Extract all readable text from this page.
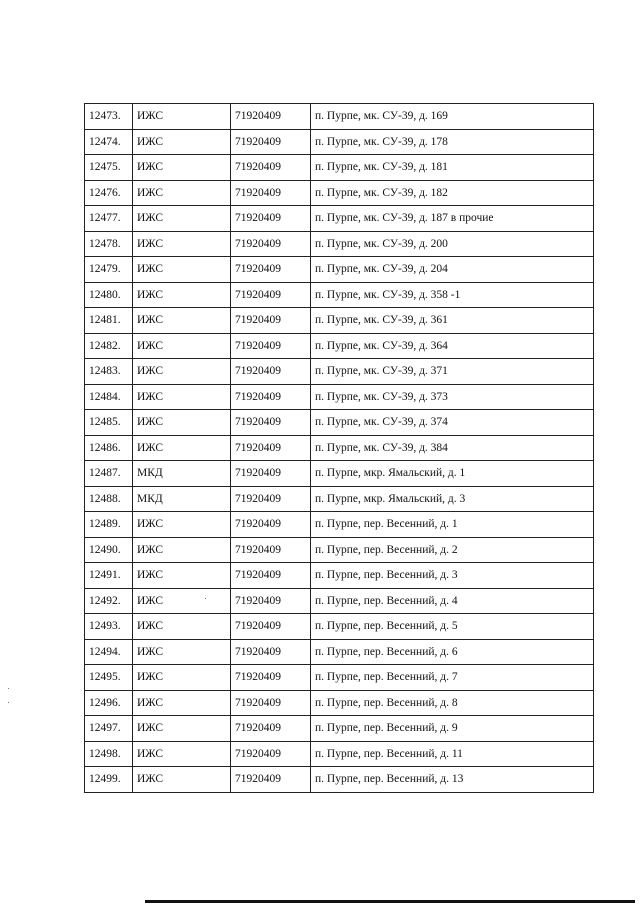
12473.	ИЖС	71920409	п. Пурпе, мк. СУ-39, д. 169
12474.	ИЖС	71920409	п. Пурпе, мк. СУ-39, д. 178
12475.	ИЖС	71920409	п. Пурпе, мк. СУ-39, д. 181
12476.	ИЖС	71920409	п. Пурпе, мк. СУ-39, д. 182
12477.	ИЖС	71920409	п. Пурпе, мк. СУ-39, д. 187 в прочие
12478.	ИЖС	71920409	п. Пурпе, мк. СУ-39, д. 200
12479.	ИЖС	71920409	п. Пурпе, мк. СУ-39, д. 204
12480.	ИЖС	71920409	п. Пурпе, мк. СУ-39, д. 358 -1
12481.	ИЖС	71920409	п. Пурпе, мк. СУ-39, д. 361
12482.	ИЖС	71920409	п. Пурпе, мк. СУ-39, д. 364
12483.	ИЖС	71920409	п. Пурпе, мк. СУ-39, д. 371
12484.	ИЖС	71920409	п. Пурпе, мк. СУ-39, д. 373
12485.	ИЖС	71920409	п. Пурпе, мк. СУ-39, д. 374
12486.	ИЖС	71920409	п. Пурпе, мк. СУ-39, д. 384
12487.	МКД	71920409	п. Пурпе, мкр. Ямальский, д. 1
12488.	МКД	71920409	п. Пурпе, мкр. Ямальский, д. 3
12489.	ИЖС	71920409	п. Пурпе, пер. Весенний, д. 1
12490.	ИЖС	71920409	п. Пурпе, пер. Весенний, д. 2
12491.	ИЖС	71920409	п. Пурпе, пер. Весенний, д. 3
12492.	ИЖС	71920409	п. Пурпе, пер. Весенний, д. 4
12493.	ИЖС	71920409	п. Пурпе, пер. Весенний, д. 5
12494.	ИЖС	71920409	п. Пурпе, пер. Весенний, д. 6
12495.	ИЖС	71920409	п. Пурпе, пер. Весенний, д. 7
12496.	ИЖС	71920409	п. Пурпе, пер. Весенний, д. 8
12497.	ИЖС	71920409	п. Пурпе, пер. Весенний, д. 9
12498.	ИЖС	71920409	п. Пурпе, пер. Весенний, д. 11
12499.	ИЖС	71920409	п. Пурпе, пер. Весенний, д. 13
